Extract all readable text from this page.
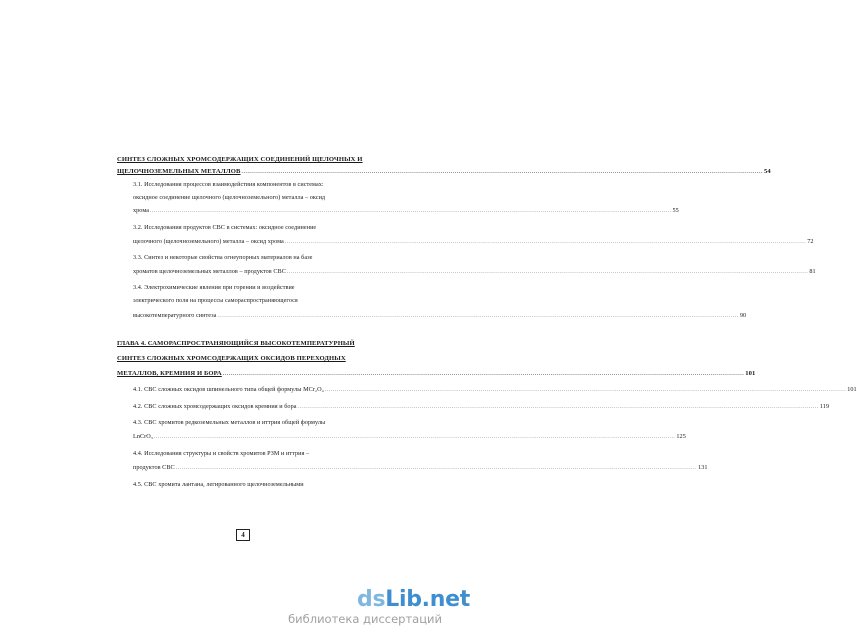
СИНТЕЗ СЛОЖНЫХ ХРОМСОДЕРЖАЩИХ СОЕДИНЕНИЙ ЩЕЛОЧНЫХ И
ЩЕЛОЧНОЗЕМЕЛЬНЫХ МЕТАЛЛОВ .....	54
3.1. Исследования процессов взаимодействия компонентов в системах:
оксидное соединение щелочного (щелочноземельного) металла – оксид
хрома .....	55
3.2. Исследования продуктов СВС в системах: оксидное соединение
щелочного (щелочноземельного) металла – оксид хрома .....	72
3.3. Синтез и некоторые свойства огнеупорных материалов на базе
хроматов щелочноземельных металлов – продуктов СВС .....	81
3.4. Электрохимические явления при горении и воздействие
электрического поля на процессы самораспространяющегося
высокотемпературного синтеза .....	90
ГЛАВА 4. САМОРАСПРОСТРАНЯЮЩИЙСЯ ВЫСОКОТЕМПЕРАТУРНЫЙ
СИНТЕЗ СЛОЖНЫХ ХРОМСОДЕРЖАЩИХ ОКСИДОВ ПЕРЕХОДНЫХ
МЕТАЛЛОВ, КРЕМНИЯ И БОРА .....	101
4.1. СВС сложных оксидов шпинельного типа общей формулы MCr₂O₄ .....	101
4.2. СВС сложных хромсодержащих оксидов кремния и бора .....	119
4.3. СВС хромитов редкоземельных металлов и иттрия общей формулы
LnCrO₃ .....	125
4.4. Исследования структуры и свойств хромитов РЗМ и иттрия –
продуктов СВС .....	131
4.5. СВС хромита лантана, легированного щелочноземельными
4
dsLib.net
библиотека диссертаций
